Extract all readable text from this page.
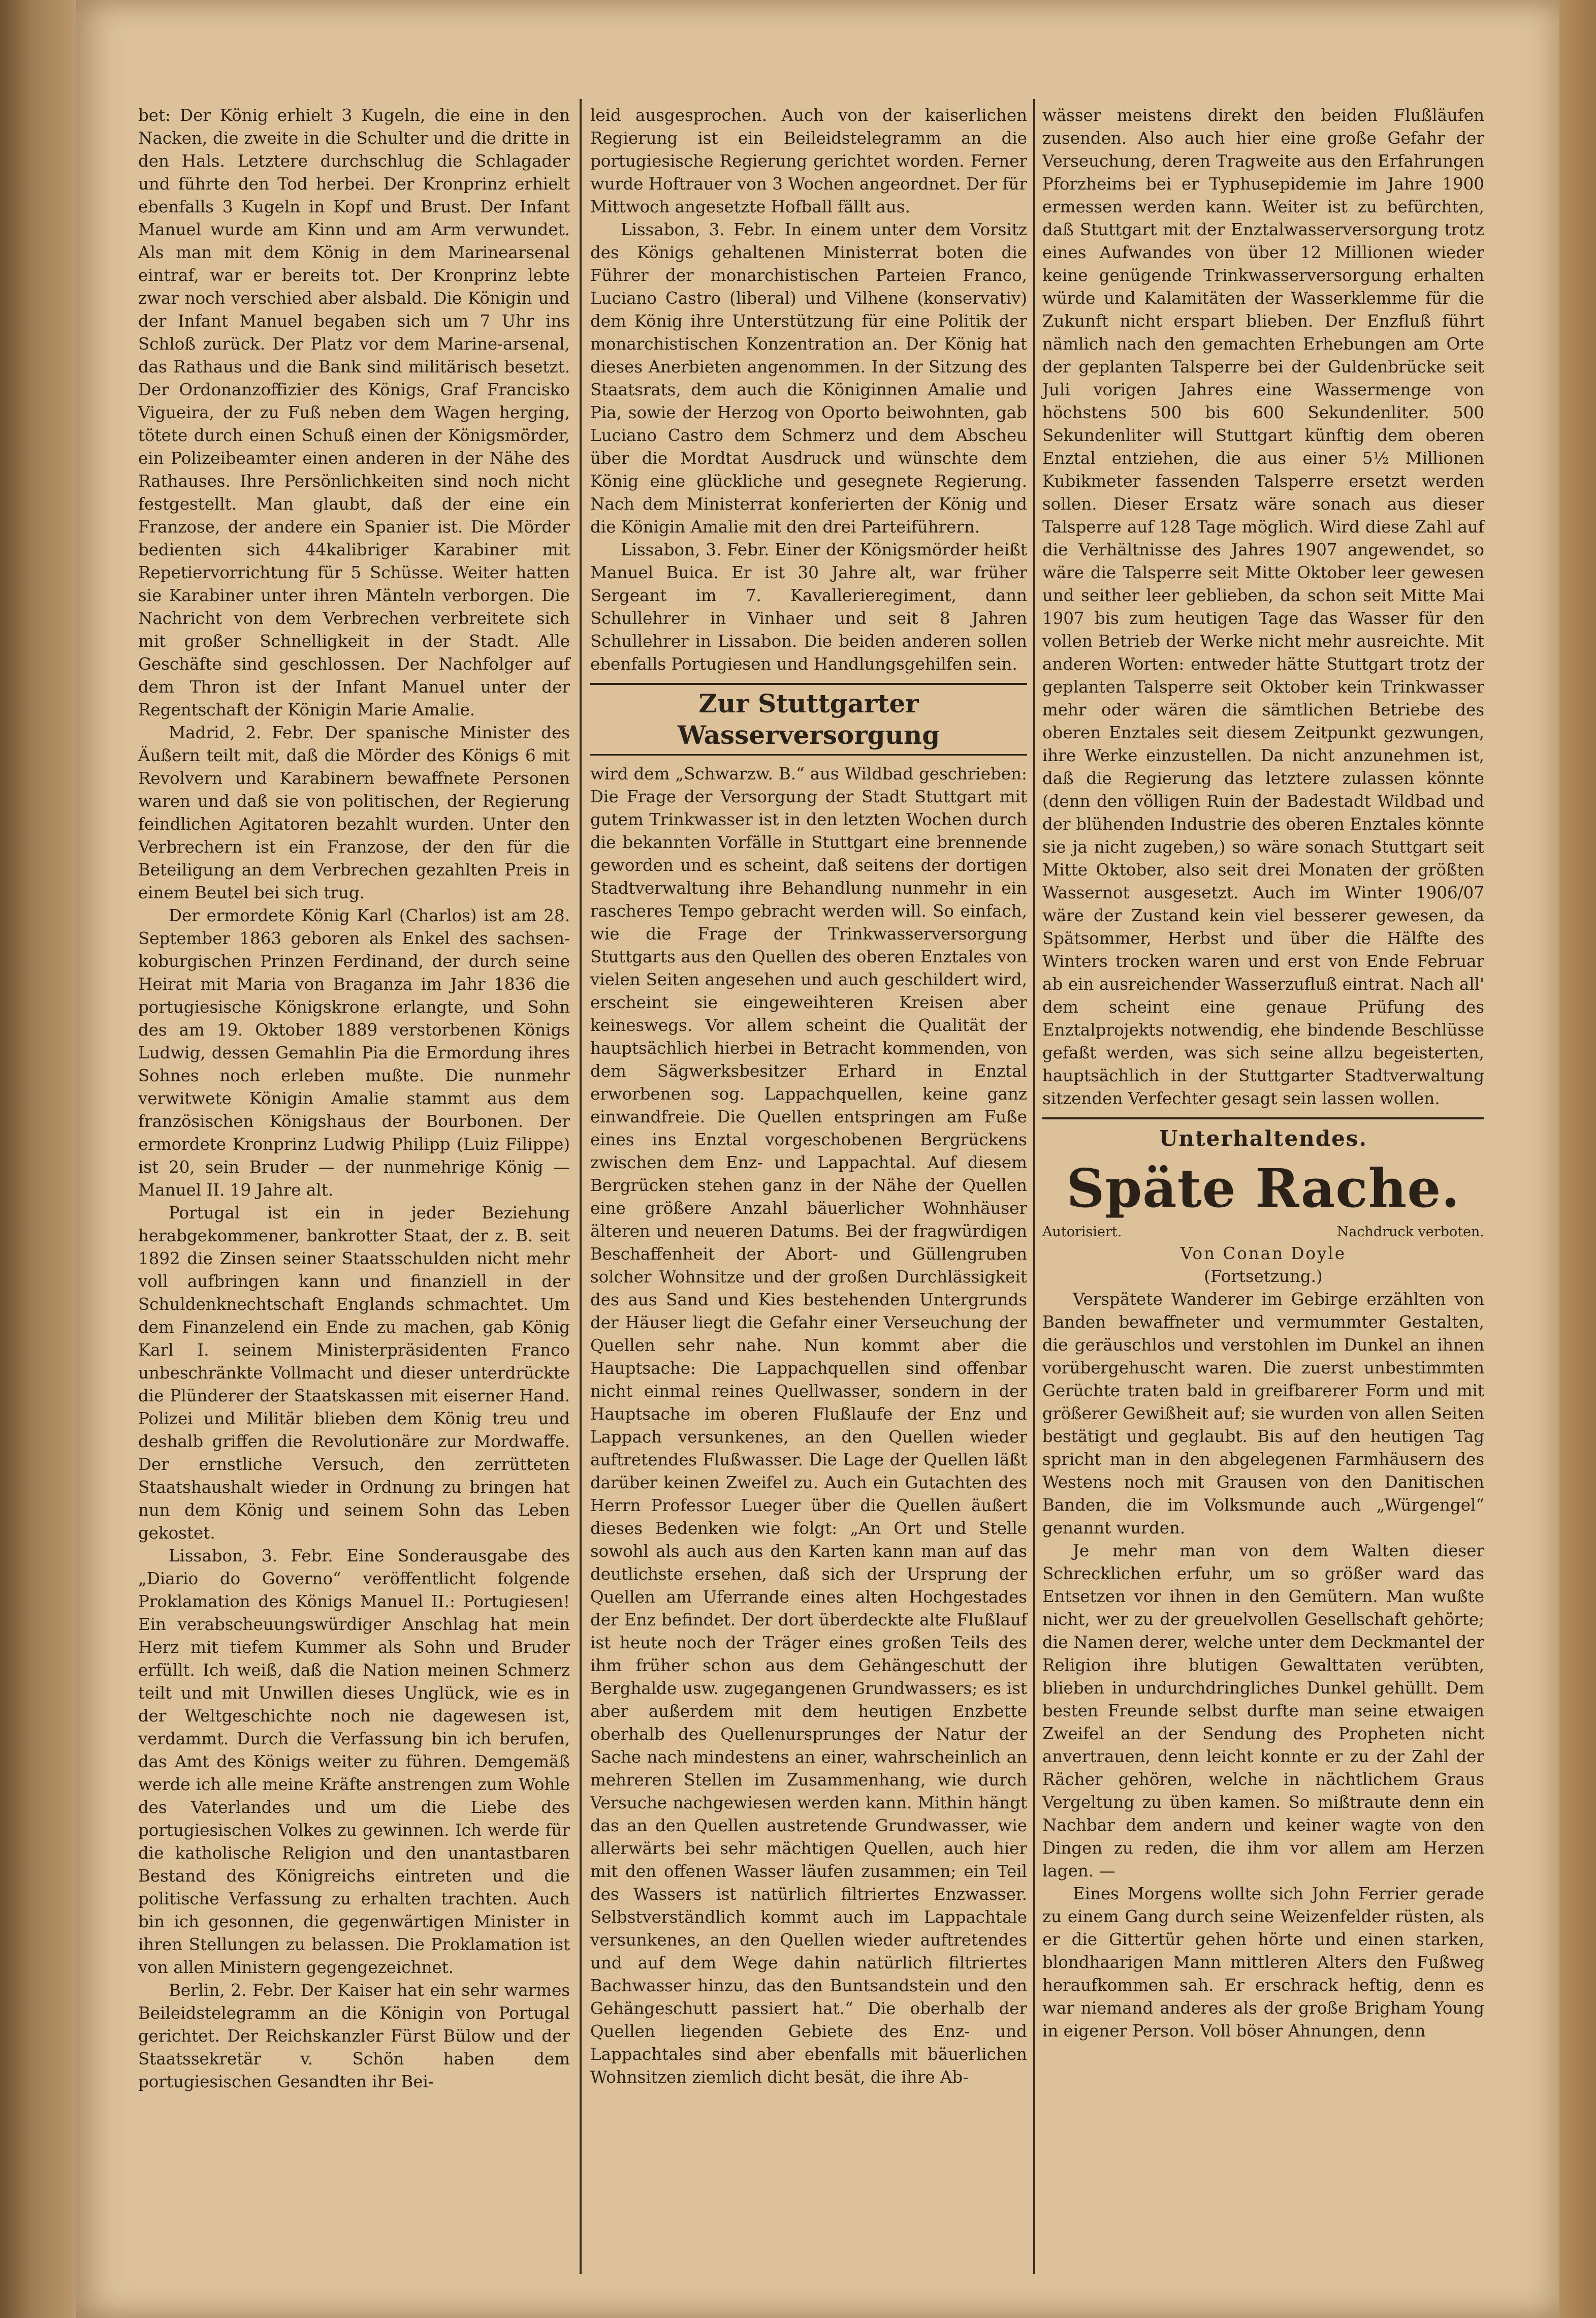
bet: Der König erhielt 3 Kugeln, die eine in den Nacken, die zweite in die Schulter und die dritte in den Hals. Letztere durchschlug die Schlagader und führte den Tod herbei. Der Kronprinz erhielt ebenfalls 3 Kugeln in Kopf und Brust. Der Infant Manuel wurde am Kinn und am Arm verwundet. Als man mit dem König in dem Marinearsenal eintraf, war er bereits tot. Der Kronprinz lebte zwar noch verschied aber alsbald. Die Königin und der Infant Manuel begaben sich um 7 Uhr ins Schloß zurück. Der Platz vor dem Marine-arsenal, das Rathaus und die Bank sind militärisch besetzt. Der Ordonanzoffizier des Königs, Graf Francisko Vigueira, der zu Fuß neben dem Wagen herging, tötete durch einen Schuß einen der Königsmörder, ein Polizeibeamter einen anderen in der Nähe des Rathauses. Ihre Persönlichkeiten sind noch nicht festgestellt. Man glaubt, daß der eine ein Franzose, der andere ein Spanier ist. Die Mörder bedienten sich 44kalibriger Karabiner mit Repetiervorrichtung für 5 Schüsse. Weiter hatten sie Karabiner unter ihren Mänteln verborgen. Die Nachricht von dem Verbrechen verbreitete sich mit großer Schnelligkeit in der Stadt. Alle Geschäfte sind geschlossen. Der Nachfolger auf dem Thron ist der Infant Manuel unter der Regentschaft der Königin Marie Amalie.

Madrid, 2. Febr. Der spanische Minister des Äußern teilt mit, daß die Mörder des Königs 6 mit Revolvern und Karabinern bewaffnete Personen waren und daß sie von politischen, der Regierung feindlichen Agitatoren bezahlt wurden. Unter den Verbrechern ist ein Franzose, der den für die Beteiligung an dem Verbrechen gezahlten Preis in einem Beutel bei sich trug.

Der ermordete König Karl (Charlos) ist am 28. September 1863 geboren als Enkel des sachsen-koburgischen Prinzen Ferdinand, der durch seine Heirat mit Maria von Braganza im Jahr 1836 die portugiesische Königskrone erlangte, und Sohn des am 19. Oktober 1889 verstorbenen Königs Ludwig, dessen Gemahlin Pia die Ermordung ihres Sohnes noch erleben mußte. Die nunmehr verwitwete Königin Amalie stammt aus dem französischen Königshaus der Bourbonen. Der ermordete Kronprinz Ludwig Philipp (Luiz Filippe) ist 20, sein Bruder — der nunmehrige König — Manuel II. 19 Jahre alt.

Portugal ist ein in jeder Beziehung herabgekommener, bankrotter Staat, der z. B. seit 1892 die Zinsen seiner Staatsschulden nicht mehr voll aufbringen kann und finanziell in der Schuldenknechtschaft Englands schmachtet. Um dem Finanzelend ein Ende zu machen, gab König Karl I. seinem Ministerpräsidenten Franco unbeschränkte Vollmacht und dieser unterdrückte die Plünderer der Staatskassen mit eiserner Hand. Polizei und Militär blieben dem König treu und deshalb griffen die Revolutionäre zur Mordwaffe. Der ernstliche Versuch, den zerrütteten Staatshaushalt wieder in Ordnung zu bringen hat nun dem König und seinem Sohn das Leben gekostet.

Lissabon, 3. Febr. Eine Sonderausgabe des „Diario do Governo“ veröffentlicht folgende Proklamation des Königs Manuel II.: Portugiesen! Ein verabscheuungswürdiger Anschlag hat mein Herz mit tiefem Kummer als Sohn und Bruder erfüllt. Ich weiß, daß die Nation meinen Schmerz teilt und mit Unwillen dieses Unglück, wie es in der Weltgeschichte noch nie dagewesen ist, verdammt. Durch die Verfassung bin ich berufen, das Amt des Königs weiter zu führen. Demgemäß werde ich alle meine Kräfte anstrengen zum Wohle des Vaterlandes und um die Liebe des portugiesischen Volkes zu gewinnen. Ich werde für die katholische Religion und den unantastbaren Bestand des Königreichs eintreten und die politische Verfassung zu erhalten trachten. Auch bin ich gesonnen, die gegenwärtigen Minister in ihren Stellungen zu belassen. Die Proklamation ist von allen Ministern gegengezeichnet.

Berlin, 2. Febr. Der Kaiser hat ein sehr warmes Beileidstelegramm an die Königin von Portugal gerichtet. Der Reichskanzler Fürst Bülow und der Staatssekretär v. Schön haben dem portugiesischen Gesandten ihr Bei-

leid ausgesprochen. Auch von der kaiserlichen Regierung ist ein Beileidstelegramm an die portugiesische Regierung gerichtet worden. Ferner wurde Hoftrauer von 3 Wochen angeordnet. Der für Mittwoch angesetzte Hofball fällt aus.

Lissabon, 3. Febr. In einem unter dem Vorsitz des Königs gehaltenen Ministerrat boten die Führer der monarchistischen Parteien Franco, Luciano Castro (liberal) und Vilhene (konservativ) dem König ihre Unterstützung für eine Politik der monarchistischen Konzentration an. Der König hat dieses Anerbieten angenommen. In der Sitzung des Staatsrats, dem auch die Königinnen Amalie und Pia, sowie der Herzog von Oporto beiwohnten, gab Luciano Castro dem Schmerz und dem Abscheu über die Mordtat Ausdruck und wünschte dem König eine glückliche und gesegnete Regierung. Nach dem Ministerrat konferierten der König und die Königin Amalie mit den drei Parteiführern.

Lissabon, 3. Febr. Einer der Königsmörder heißt Manuel Buica. Er ist 30 Jahre alt, war früher Sergeant im 7. Kavallerieregiment, dann Schullehrer in Vinhaer und seit 8 Jahren Schullehrer in Lissabon. Die beiden anderen sollen ebenfalls Portugiesen und Handlungsgehilfen sein.

Zur Stuttgarter Wasserversorgung

wird dem „Schwarzw. B.“ aus Wildbad geschrieben: Die Frage der Versorgung der Stadt Stuttgart mit gutem Trinkwasser ist in den letzten Wochen durch die bekannten Vorfälle in Stuttgart eine brennende geworden und es scheint, daß seitens der dortigen Stadtverwaltung ihre Behandlung nunmehr in ein rascheres Tempo gebracht werden will. So einfach, wie die Frage der Trinkwasserversorgung Stuttgarts aus den Quellen des oberen Enztales von vielen Seiten angesehen und auch geschildert wird, erscheint sie eingeweihteren Kreisen aber keineswegs. Vor allem scheint die Qualität der hauptsächlich hierbei in Betracht kommenden, von dem Sägwerksbesitzer Erhard in Enztal erworbenen sog. Lappachquellen, keine ganz einwandfreie. Die Quellen entspringen am Fuße eines ins Enztal vorgeschobenen Bergrückens zwischen dem Enz- und Lappachtal. Auf diesem Bergrücken stehen ganz in der Nähe der Quellen eine größere Anzahl bäuerlicher Wohnhäuser älteren und neueren Datums. Bei der fragwürdigen Beschaffenheit der Abort- und Güllengruben solcher Wohnsitze und der großen Durchlässigkeit des aus Sand und Kies bestehenden Untergrunds der Häuser liegt die Gefahr einer Verseuchung der Quellen sehr nahe. Nun kommt aber die Hauptsache: Die Lappachquellen sind offenbar nicht einmal reines Quellwasser, sondern in der Hauptsache im oberen Flußlaufe der Enz und Lappach versunkenes, an den Quellen wieder auftretendes Flußwasser. Die Lage der Quellen läßt darüber keinen Zweifel zu. Auch ein Gutachten des Herrn Professor Lueger über die Quellen äußert dieses Bedenken wie folgt: „An Ort und Stelle sowohl als auch aus den Karten kann man auf das deutlichste ersehen, daß sich der Ursprung der Quellen am Uferrande eines alten Hochgestades der Enz befindet. Der dort überdeckte alte Flußlauf ist heute noch der Träger eines großen Teils des ihm früher schon aus dem Gehängeschutt der Berghalde usw. zugegangenen Grundwassers; es ist aber außerdem mit dem heutigen Enzbette oberhalb des Quellenursprunges der Natur der Sache nach mindestens an einer, wahrscheinlich an mehreren Stellen im Zusammenhang, wie durch Versuche nachgewiesen werden kann. Mithin hängt das an den Quellen austretende Grundwasser, wie allerwärts bei sehr mächtigen Quellen, auch hier mit den offenen Wasser läufen zusammen; ein Teil des Wassers ist natürlich filtriertes Enzwasser. Selbstverständlich kommt auch im Lappachtale versunkenes, an den Quellen wieder auftretendes und auf dem Wege dahin natürlich filtriertes Bachwasser hinzu, das den Buntsandstein und den Gehängeschutt passiert hat.“ Die oberhalb der Quellen liegenden Gebiete des Enz- und Lappachtales sind aber ebenfalls mit bäuerlichen Wohnsitzen ziemlich dicht besät, die ihre Ab-

wässer meistens direkt den beiden Flußläufen zusenden. Also auch hier eine große Gefahr der Verseuchung, deren Tragweite aus den Erfahrungen Pforzheims bei er Typhusepidemie im Jahre 1900 ermessen werden kann. Weiter ist zu befürchten, daß Stuttgart mit der Enztalwasserversorgung trotz eines Aufwandes von über 12 Millionen wieder keine genügende Trinkwasserversorgung erhalten würde und Kalamitäten der Wasserklemme für die Zukunft nicht erspart blieben. Der Enzfluß führt nämlich nach den gemachten Erhebungen am Orte der geplanten Talsperre bei der Guldenbrücke seit Juli vorigen Jahres eine Wassermenge von höchstens 500 bis 600 Sekundenliter. 500 Sekundenliter will Stuttgart künftig dem oberen Enztal entziehen, die aus einer 5½ Millionen Kubikmeter fassenden Talsperre ersetzt werden sollen. Dieser Ersatz wäre sonach aus dieser Talsperre auf 128 Tage möglich. Wird diese Zahl auf die Verhältnisse des Jahres 1907 angewendet, so wäre die Talsperre seit Mitte Oktober leer gewesen und seither leer geblieben, da schon seit Mitte Mai 1907 bis zum heutigen Tage das Wasser für den vollen Betrieb der Werke nicht mehr ausreichte. Mit anderen Worten: entweder hätte Stuttgart trotz der geplanten Talsperre seit Oktober kein Trinkwasser mehr oder wären die sämtlichen Betriebe des oberen Enztales seit diesem Zeitpunkt gezwungen, ihre Werke einzustellen. Da nicht anzunehmen ist, daß die Regierung das letztere zulassen könnte (denn den völligen Ruin der Badestadt Wildbad und der blühenden Industrie des oberen Enztales könnte sie ja nicht zugeben,) so wäre sonach Stuttgart seit Mitte Oktober, also seit drei Monaten der größten Wassernot ausgesetzt. Auch im Winter 1906/07 wäre der Zustand kein viel besserer gewesen, da Spätsommer, Herbst und über die Hälfte des Winters trocken waren und erst von Ende Februar ab ein ausreichender Wasserzufluß eintrat. Nach all' dem scheint eine genaue Prüfung des Enztalprojekts notwendig, ehe bindende Beschlüsse gefaßt werden, was sich seine allzu begeisterten, hauptsächlich in der Stuttgarter Stadtverwaltung sitzenden Verfechter gesagt sein lassen wollen.

Unterhaltendes.
Späte Rache.
Autorisiert.	Nachdruck verboten.
Von Conan Doyle
(Fortsetzung.)

Verspätete Wanderer im Gebirge erzählten von Banden bewaffneter und vermummter Gestalten, die geräuschlos und verstohlen im Dunkel an ihnen vorübergehuscht waren. Die zuerst unbestimmten Gerüchte traten bald in greifbarerer Form und mit größerer Gewißheit auf; sie wurden von allen Seiten bestätigt und geglaubt. Bis auf den heutigen Tag spricht man in den abgelegenen Farmhäusern des Westens noch mit Grausen von den Danitischen Banden, die im Volksmunde auch „Würgengel“ genannt wurden.

Je mehr man von dem Walten dieser Schrecklichen erfuhr, um so größer ward das Entsetzen vor ihnen in den Gemütern. Man wußte nicht, wer zu der greuelvollen Gesellschaft gehörte; die Namen derer, welche unter dem Deckmantel der Religion ihre blutigen Gewalttaten verübten, blieben in undurchdringliches Dunkel gehüllt. Dem besten Freunde selbst durfte man seine etwaigen Zweifel an der Sendung des Propheten nicht anvertrauen, denn leicht konnte er zu der Zahl der Rächer gehören, welche in nächtlichem Graus Vergeltung zu üben kamen. So mißtraute denn ein Nachbar dem andern und keiner wagte von den Dingen zu reden, die ihm vor allem am Herzen lagen. —

Eines Morgens wollte sich John Ferrier gerade zu einem Gang durch seine Weizenfelder rüsten, als er die Gittertür gehen hörte und einen starken, blondhaarigen Mann mittleren Alters den Fußweg heraufkommen sah. Er erschrack heftig, denn es war niemand anderes als der große Brigham Young in eigener Person. Voll böser Ahnungen, denn
